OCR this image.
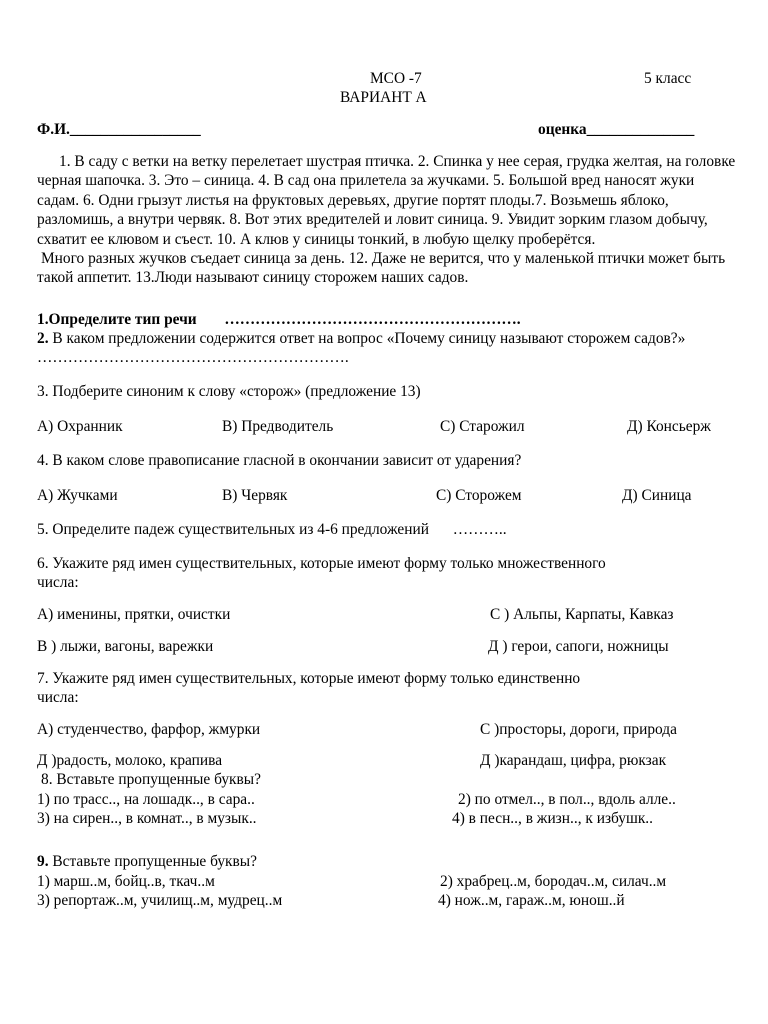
МСО -7	5 класс
ВАРИАНТ А
Ф.И._________________	оценка______________

1. В саду с ветки на ветку перелетает шустрая птичка. 2. Спинка у нее серая, грудка желтая, на головке черная шапочка. 3. Это – синица. 4. В сад она прилетела за жучками. 5. Большой вред наносят жуки садам. 6. Одни грызут листья на фруктовых деревьях, другие портят плоды.7. Возьмешь яблоко, разломишь, а внутри червяк. 8. Вот этих вредителей и ловит синица. 9. Увидит зорким глазом добычу, схватит ее клювом и съест. 10. А клюв у синицы тонкий, в любую щелку проберётся.

Много разных жучков съедает синица за день. 12. Даже не верится, что у маленькой птички может быть такой аппетит. 13.Люди называют синицу сторожем наших садов.

1.Определите тип речи ………………………………………………….
2. В каком предложении содержится ответ на вопрос «Почему синицу называют сторожем садов?» …………………………………………………….
3. Подберите синоним к слову «сторож» (предложение 13)
А) Охранник	В) Предводитель	С) Старожил	Д) Консьерж
4. В каком слове правописание гласной в окончании зависит от ударения?
А) Жучками	В) Червяк	С) Сторожем	Д) Синица
5. Определите падеж существительных из 4-6 предложений ………..
6. Укажите ряд имен существительных, которые имеют форму только множественного
числа:
А) именины, прятки, очистки	С ) Альпы, Карпаты, Кавказ
В ) лыжи, вагоны, варежки	Д ) герои, сапоги, ножницы
7. Укажите ряд имен существительных, которые имеют форму только единственно
числа:
А) студенчество, фарфор, жмурки	С )просторы, дороги, природа
Д )радость, молоко, крапива	Д )карандаш, цифра, рюкзак
8. Вставьте пропущенные буквы?
1) по трасс.., на лошадк.., в сара..	2) по отмел.., в пол.., вдоль алле..
3) на сирен.., в комнат.., в музык..	4) в песн.., в жизн.., к избушк..
9. Вставьте пропущенные буквы?
1) марш..м, бойц..в, ткач..м	2) храбрец..м, бородач..м, силач..м
3) репортаж..м, училищ..м, мудрец..м	4) нож..м, гараж..м, юнош..й
